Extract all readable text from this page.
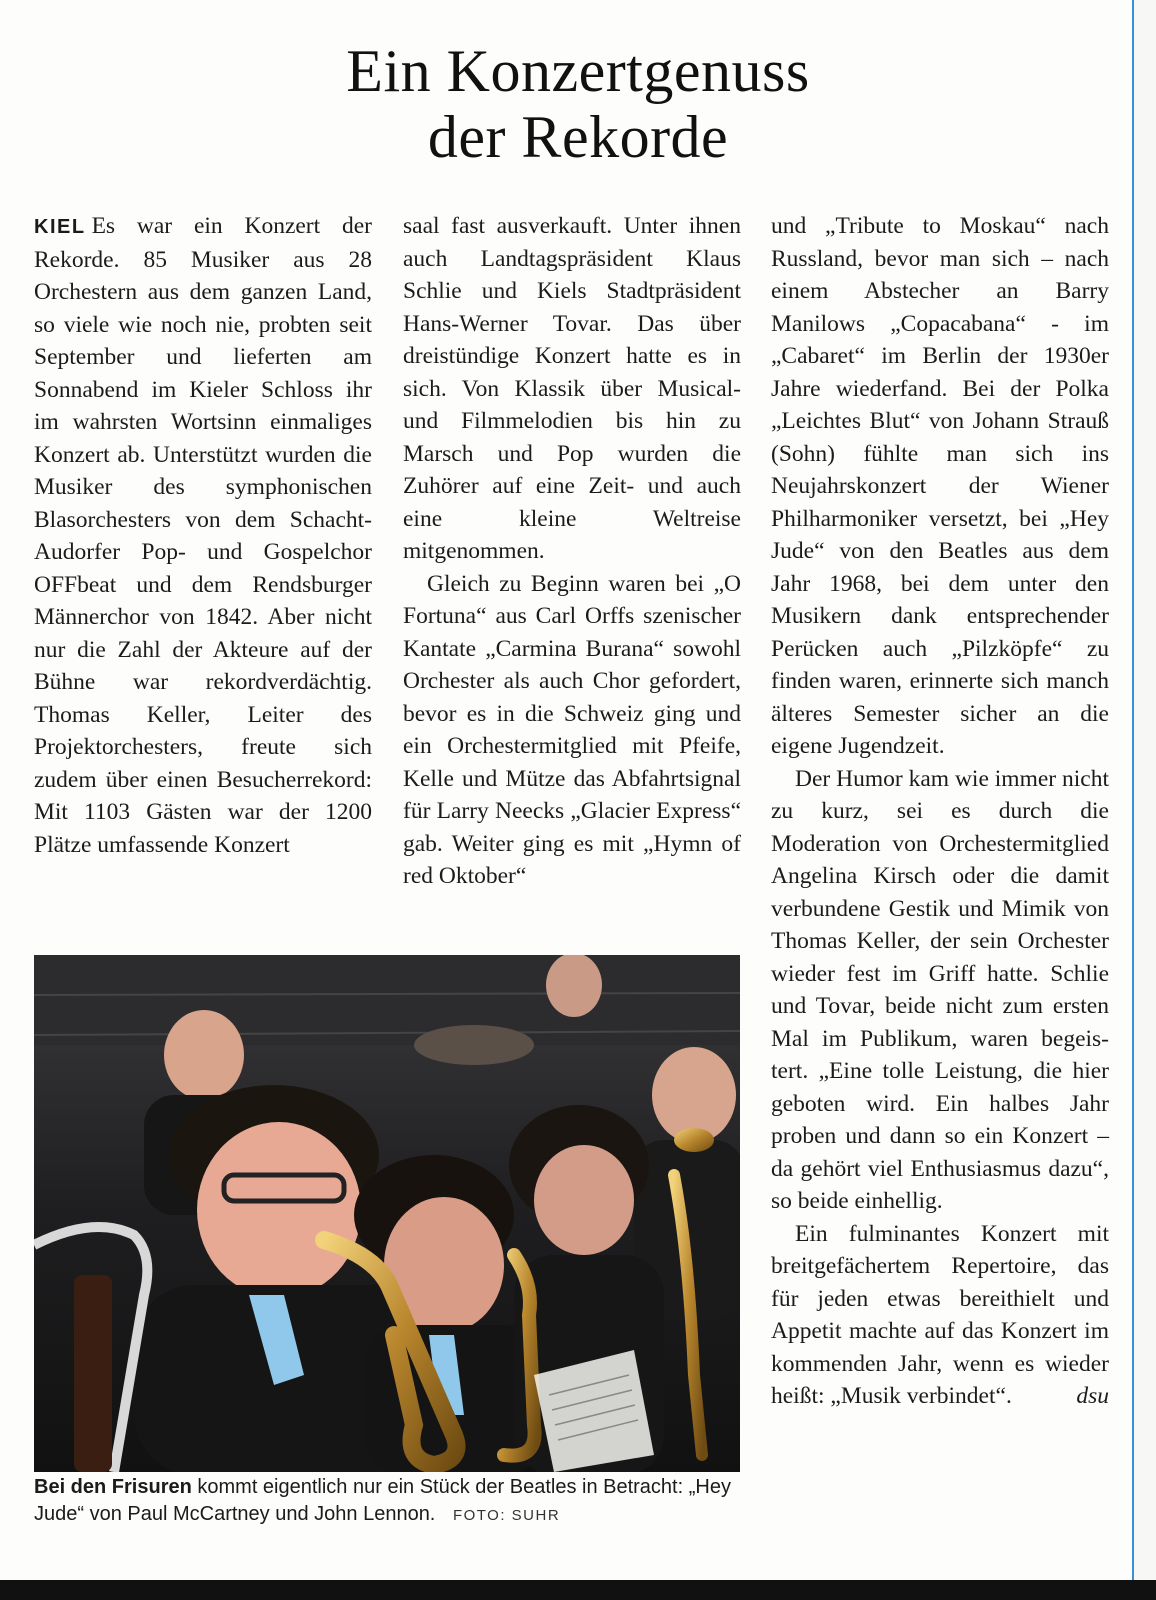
Ein Konzertgenuss
der Rekorde

KIEL Es war ein Konzert der Rekorde. 85 Musiker aus 28 Orchestern aus dem ganzen Land, so viele wie noch nie, probten seit September und lieferten am Sonnabend im Kieler Schloss ihr im wahrsten Wortsinn einmaliges Konzert ab. Unterstützt wurden die Musiker des symphonischen Blasorchesters von dem Schacht-Audorfer Pop- und Gospelchor OFFbeat und dem Rendsburger Männerchor von 1842. Aber nicht nur die Zahl der Akteure auf der Bühne war rekordverdächtig. Thomas Keller, Leiter des Projektorchesters, freute sich zudem über einen Besucherrekord: Mit 1103 Gästen war der 1200 Plätze umfassende Konzert

saal fast ausverkauft. Unter ihnen auch Landtagspräsident Klaus Schlie und Kiels Stadtpräsident Hans-Werner Tovar. Das über dreistündige Konzert hatte es in sich. Von Klassik über Musical- und Filmmelodien bis hin zu Marsch und Pop wurden die Zuhörer auf eine Zeit- und auch eine kleine Weltreise mitgenommen.

Gleich zu Beginn waren bei „O Fortuna“ aus Carl Orffs szenischer Kantate „Carmina Burana“ sowohl Orchester als auch Chor gefordert, bevor es in die Schweiz ging und ein Orchestermitglied mit Pfeife, Kelle und Mütze das Abfahrtsignal für Larry Neecks „Glacier Express“ gab. Weiter ging es mit „Hymn of red Oktober“

und „Tribute to Moskau“ nach Russland, bevor man sich – nach einem Abstecher an Barry Manilows „Copacabana“ - im „Cabaret“ im Berlin der 1930er Jahre wiederfand. Bei der Polka „Leichtes Blut“ von Johann Strauß (Sohn) fühlte man sich ins Neujahrskonzert der Wiener Philharmoniker versetzt, bei „Hey Jude“ von den Beatles aus dem Jahr 1968, bei dem unter den Musikern dank entsprechender Perücken auch „Pilzköpfe“ zu finden waren, erinnerte sich manch älteres Semester sicher an die eigene Jugendzeit.

Der Humor kam wie immer nicht zu kurz, sei es durch die Moderation von Orchestermitglied Angelina Kirsch oder die damit verbundene Gestik und Mimik von Thomas Keller, der sein Orchester wieder fest im Griff hatte. Schlie und Tovar, beide nicht zum ersten Mal im Publikum, waren begeistert. „Eine tolle Leistung, die hier geboten wird. Ein halbes Jahr proben und dann so ein Konzert – da gehört viel Enthusiasmus dazu“, so beide einhellig.

Ein fulminantes Konzert mit breitgefächertem Repertoire, das für jeden etwas bereithielt und Appetit machte auf das Konzert im kommenden Jahr, wenn es wieder heißt: „Musik verbindet“.	dsu

Bei den Frisuren kommt eigentlich nur ein Stück der Beatles in Betracht: „Hey Jude“ von Paul McCartney und John Lennon. FOTO: SUHR
